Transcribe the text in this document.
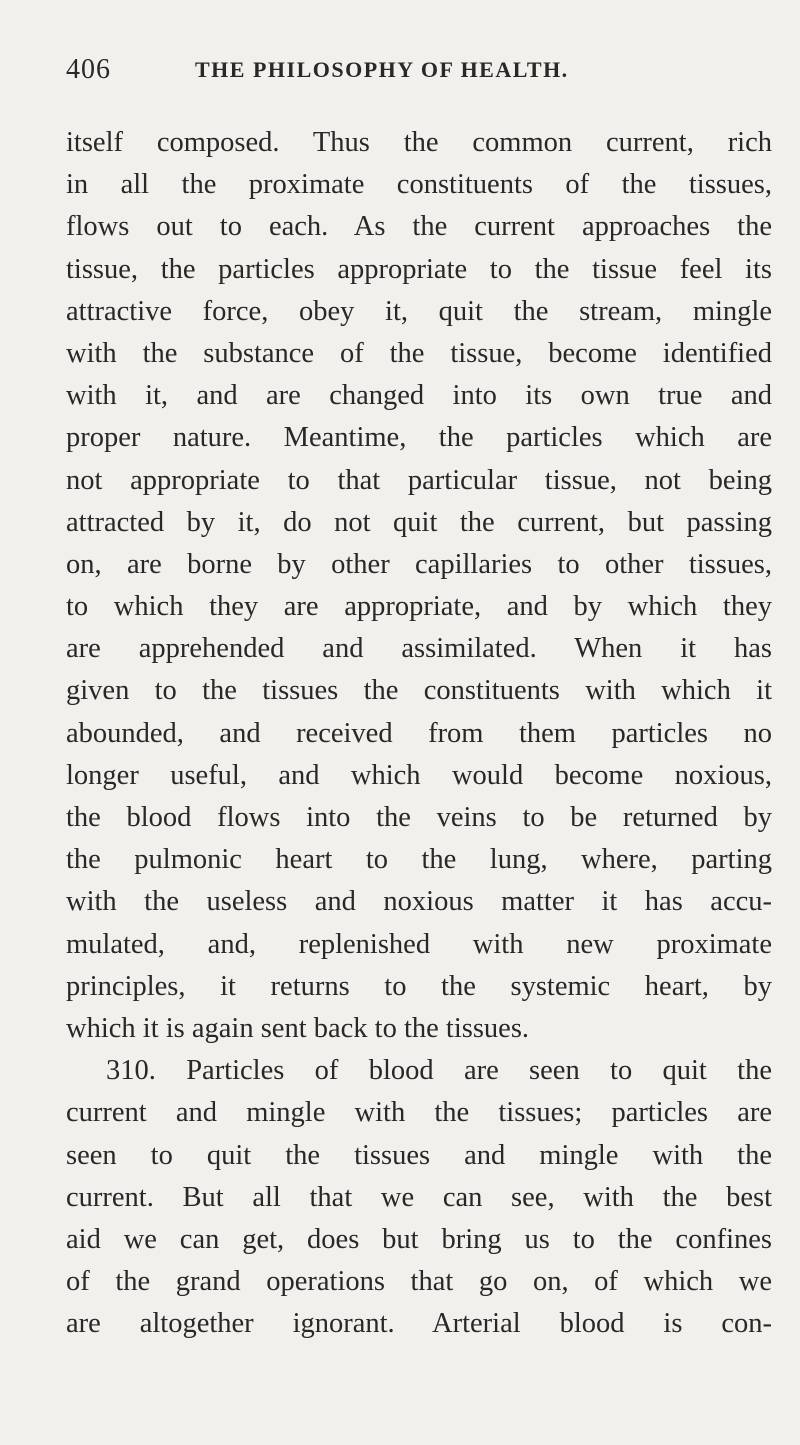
406	THE PHILOSOPHY OF HEALTH.
itself composed. Thus the common current, rich
in all the proximate constituents of the tissues,
flows out to each. As the current approaches the
tissue, the particles appropriate to the tissue feel its
attractive force, obey it, quit the stream, mingle
with the substance of the tissue, become identified
with it, and are changed into its own true and
proper nature. Meantime, the particles which are
not appropriate to that particular tissue, not being
attracted by it, do not quit the current, but passing
on, are borne by other capillaries to other tissues,
to which they are appropriate, and by which they
are apprehended and assimilated. When it has
given to the tissues the constituents with which it
abounded, and received from them particles no
longer useful, and which would become noxious,
the blood flows into the veins to be returned by
the pulmonic heart to the lung, where, parting
with the useless and noxious matter it has accu-
mulated, and, replenished with new proximate
principles, it returns to the systemic heart, by
which it is again sent back to the tissues.
310. Particles of blood are seen to quit the
current and mingle with the tissues; particles are
seen to quit the tissues and mingle with the
current. But all that we can see, with the best
aid we can get, does but bring us to the confines
of the grand operations that go on, of which we
are altogether ignorant. Arterial blood is con-
